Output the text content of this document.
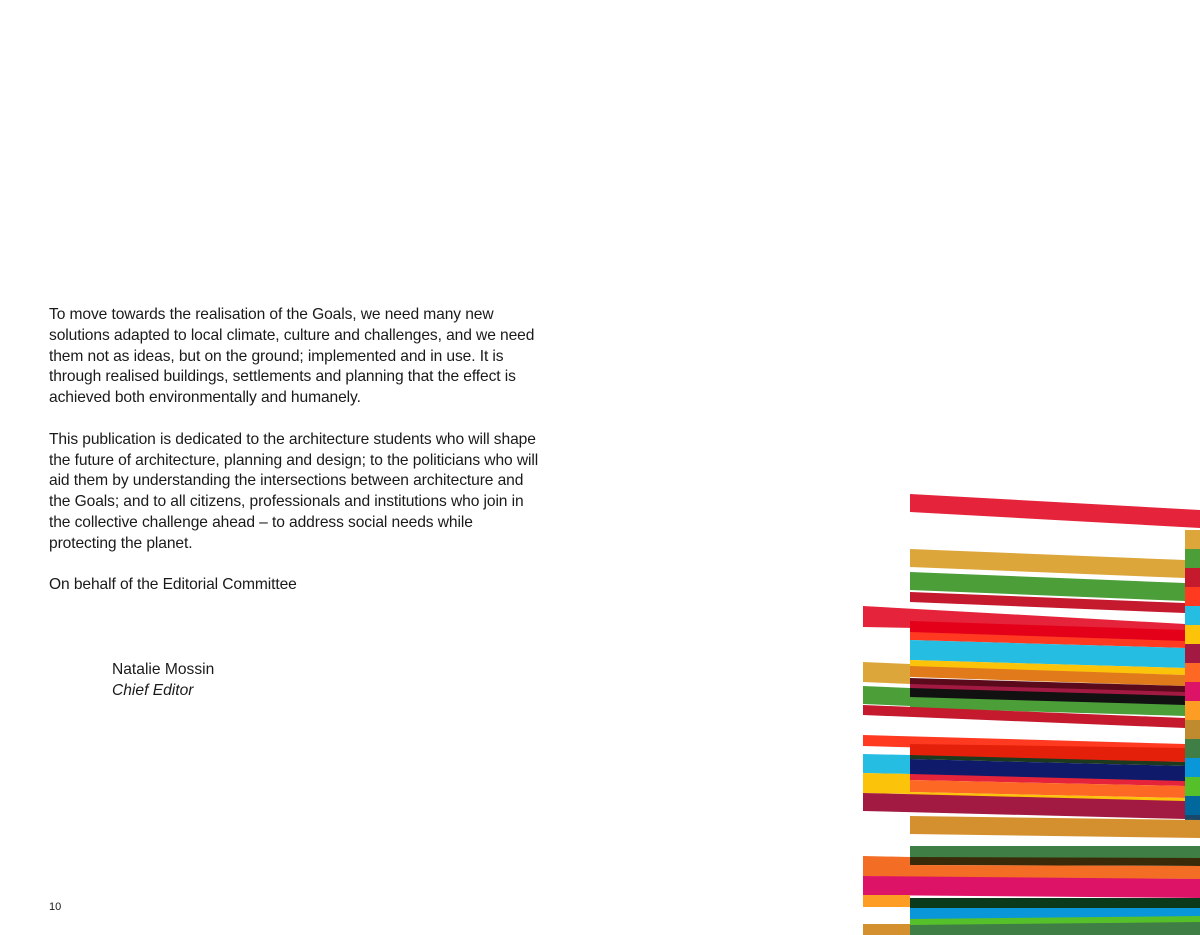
To move towards the realisation of the Goals, we need many new solutions adapted to local climate, culture and challenges, and we need them not as ideas, but on the ground; implemented and in use. It is through realised buildings, settlements and planning that the effect is achieved both environmentally and humanely.

This publication is dedicated to the architecture students who will shape the future of architecture, planning and design; to the politicians who will aid them by understanding the intersections between architecture and the Goals; and to all citizens, professionals and institutions who join in the collective challenge ahead – to address social needs while protecting the planet.

On behalf of the Editorial Committee

Natalie Mossin
Chief Editor
10
